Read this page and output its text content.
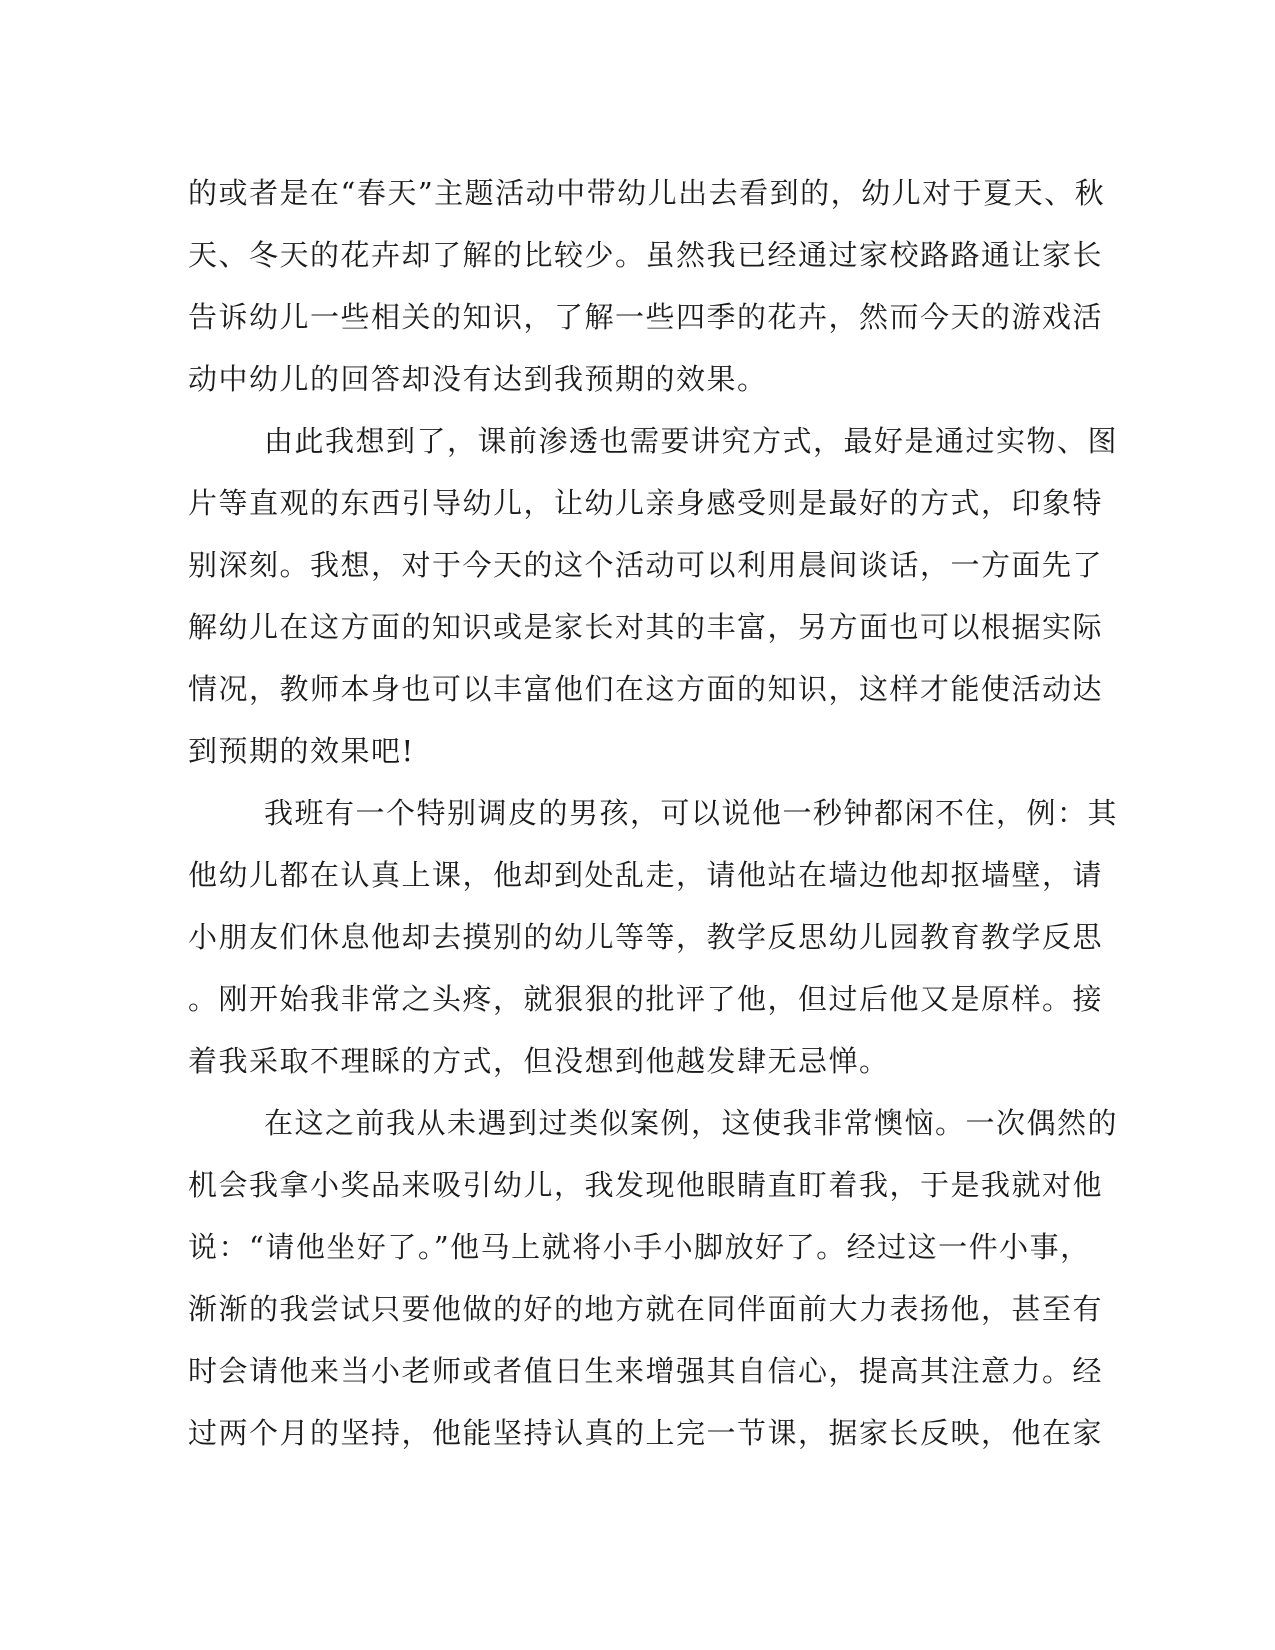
的或者是在“春天”主题活动中带幼儿出去看到的，幼儿对于夏天、秋
天、冬天的花卉却了解的比较少。虽然我已经通过家校路路通让家长
告诉幼儿一些相关的知识，了解一些四季的花卉，然而今天的游戏活
动中幼儿的回答却没有达到我预期的效果。
由此我想到了，课前渗透也需要讲究方式，最好是通过实物、图
片等直观的东西引导幼儿，让幼儿亲身感受则是最好的方式，印象特
别深刻。我想，对于今天的这个活动可以利用晨间谈话，一方面先了
解幼儿在这方面的知识或是家长对其的丰富，另方面也可以根据实际
情况，教师本身也可以丰富他们在这方面的知识，这样才能使活动达
到预期的效果吧!
我班有一个特别调皮的男孩，可以说他一秒钟都闲不住，例：其
他幼儿都在认真上课，他却到处乱走，请他站在墙边他却抠墙壁，请
小朋友们休息他却去摸别的幼儿等等，教学反思幼儿园教育教学反思
。刚开始我非常之头疼，就狠狠的批评了他，但过后他又是原样。接
着我采取不理睬的方式，但没想到他越发肆无忌惮。
在这之前我从未遇到过类似案例，这使我非常懊恼。一次偶然的
机会我拿小奖品来吸引幼儿，我发现他眼睛直盯着我，于是我就对他
说：“请他坐好了。”他马上就将小手小脚放好了。经过这一件小事，
渐渐的我尝试只要他做的好的地方就在同伴面前大力表扬他，甚至有
时会请他来当小老师或者值日生来增强其自信心，提高其注意力。经
过两个月的坚持，他能坚持认真的上完一节课，据家长反映，他在家
